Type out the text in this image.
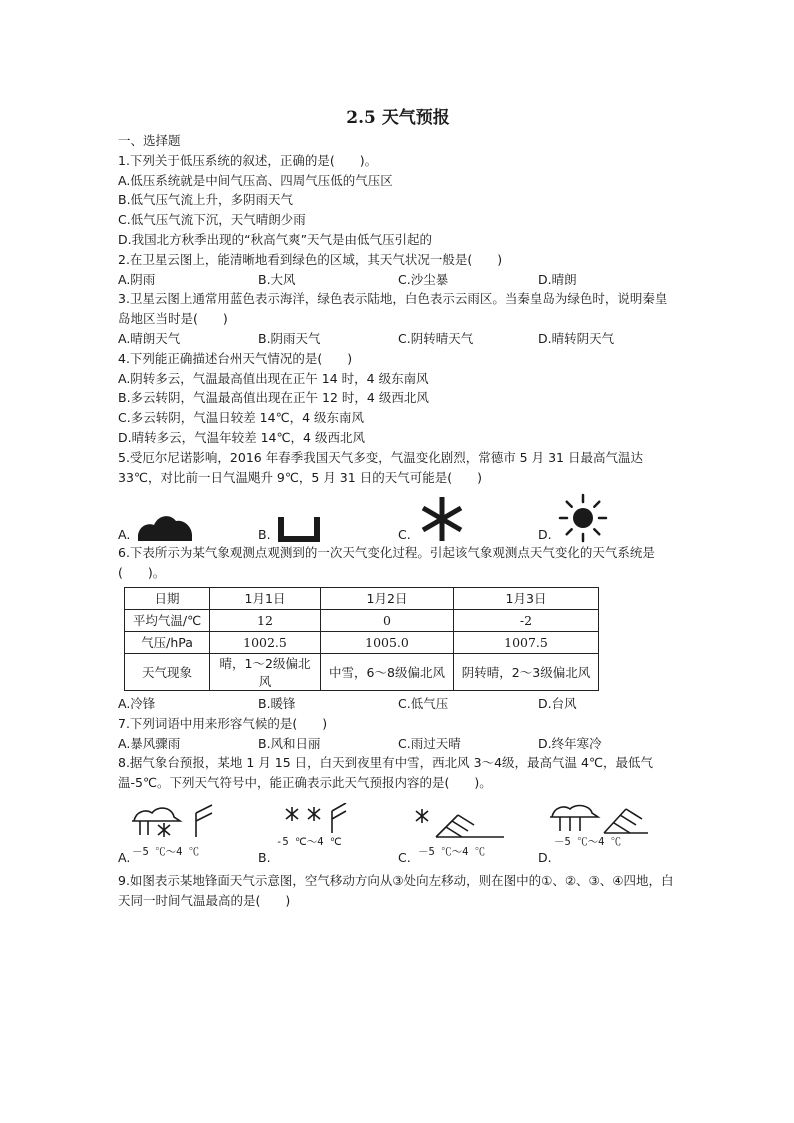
2.5 天气预报
一、选择题
1.下列关于低压系统的叙述，正确的是(　　)。
A.低压系统就是中间气压高、四周气压低的气压区
B.低气压气流上升，多阴雨天气
C.低气压气流下沉，天气晴朗少雨
D.我国北方秋季出现的“秋高气爽”天气是由低气压引起的
2.在卫星云图上，能清晰地看到绿色的区域，其天气状况一般是(　　)
A.阴雨	B.大风	C.沙尘暴	D.晴朗
3.卫星云图上通常用蓝色表示海洋，绿色表示陆地，白色表示云雨区。当秦皇岛为绿色时，说明秦皇岛地区当时是(　　)
A.晴朗天气	B.阴雨天气	C.阴转晴天气	D.晴转阴天气
4.下列能正确描述台州天气情况的是(　　)
A.阴转多云，气温最高值出现在正午 14 时，4 级东南风
B.多云转阴，气温最高值出现在正午 12 时，4 级西北风
C.多云转阴，气温日较差 14℃，4 级东南风
D.晴转多云，气温年较差 14℃，4 级西北风
5.受厄尔尼诺影响，2016 年春季我国天气多变，气温变化剧烈，常德市 5 月 31 日最高气温达 33℃，对比前一日气温飓升 9℃，5 月 31 日的天气可能是(　　)
A.	B.	C.	D.
6.下表所示为某气象观测点观测到的一次天气变化过程。引起该气象观测点天气变化的天气系统是(　　)。
日期	1月1日	1月2日	1月3日
平均气温/℃	12	0	-2
气压/hPa	1002.5	1005.0	1007.5
天气现象	晴，1～2级偏北风	中雪，6～8级偏北风	阴转晴，2～3级偏北风
A.冷锋	B.暖锋	C.低气压	D.台风
7.下列词语中用来形容气候的是(　　)
A.暴风骤雨	B.风和日丽	C.雨过天晴	D.终年寒冷
8.据气象台预报，某地 1 月 15 日，白天到夜里有中雪，西北风 3～4级，最高气温 4℃，最低气温-5℃。下列天气符号中，能正确表示此天气预报内容的是(　　)。
A. －5 ℃～4 ℃	B.
-5 ℃～4 ℃
C. －5 ℃～4 ℃	D.
－5 ℃～4 ℃
9.如图表示某地锋面天气示意图，空气移动方向从③处向左移动，则在图中的①、②、③、④四地，白天同一时间气温最高的是(　　)
